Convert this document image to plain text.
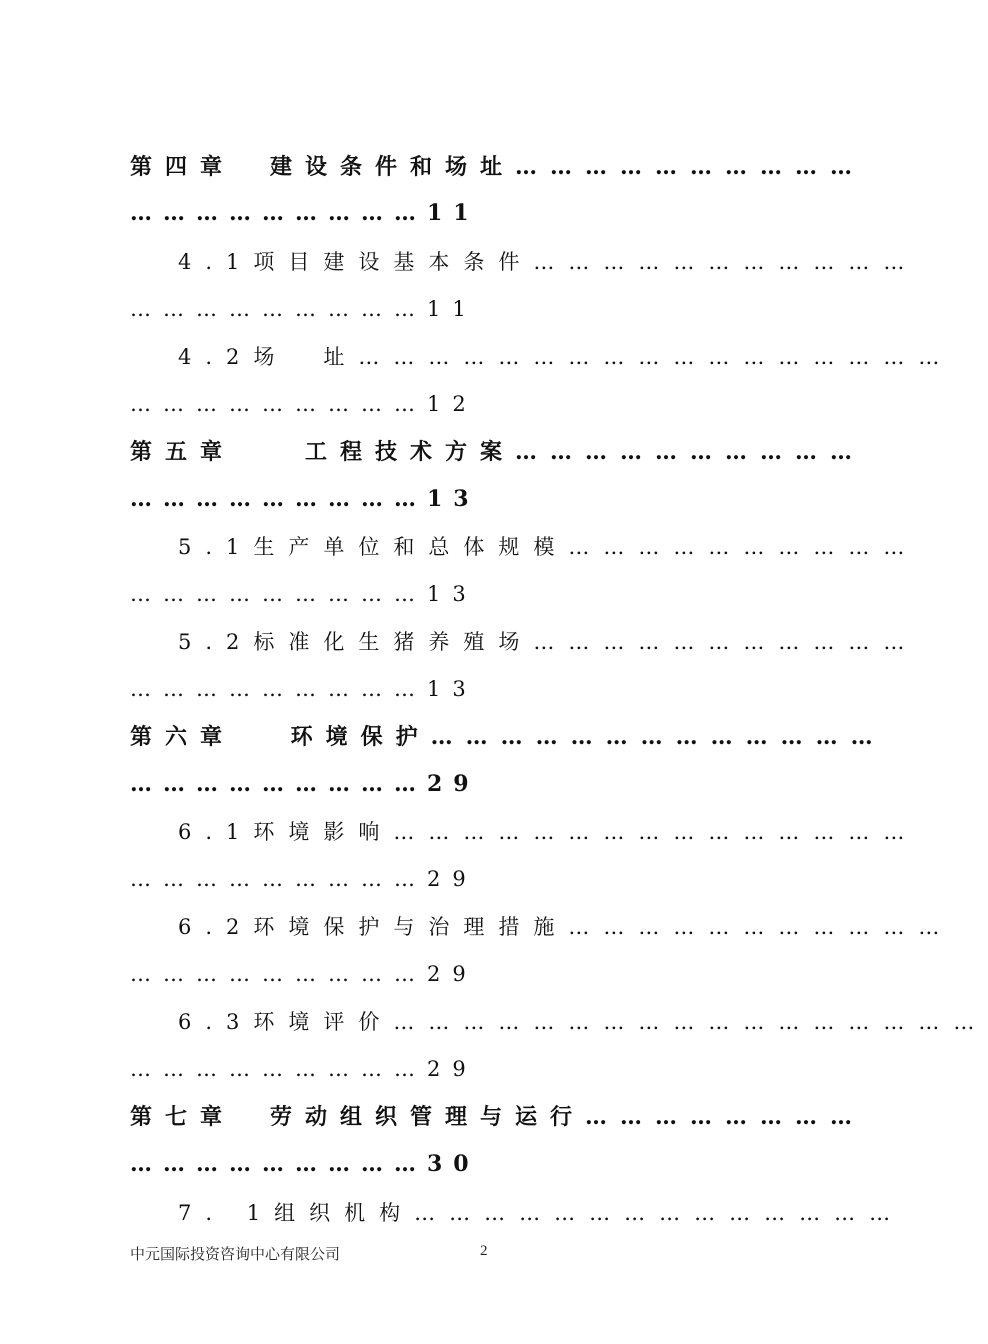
第四章　建设条件和场址…………………………
………………………11
4.1项目建设基本条件……………………………
………………………11
4.2场　址……………………………………………
………………………12
第五章　　工程技术方案…………………………
………………………13
5.1生产单位和总体规模…………………………
………………………13
5.2标准化生猪养殖场……………………………
………………………13
第六章　 环境保护…………………………………
………………………29
6.1环境影响………………………………………
………………………29
6.2环境保护与治理措施……………………………
………………………29
6.3环境评价……………………………………………
………………………29
第七章　劳动组织管理与运行……………………
………………………30
7. 1组织机构……………………………………
中元国际投资咨询中心有限公司	2
